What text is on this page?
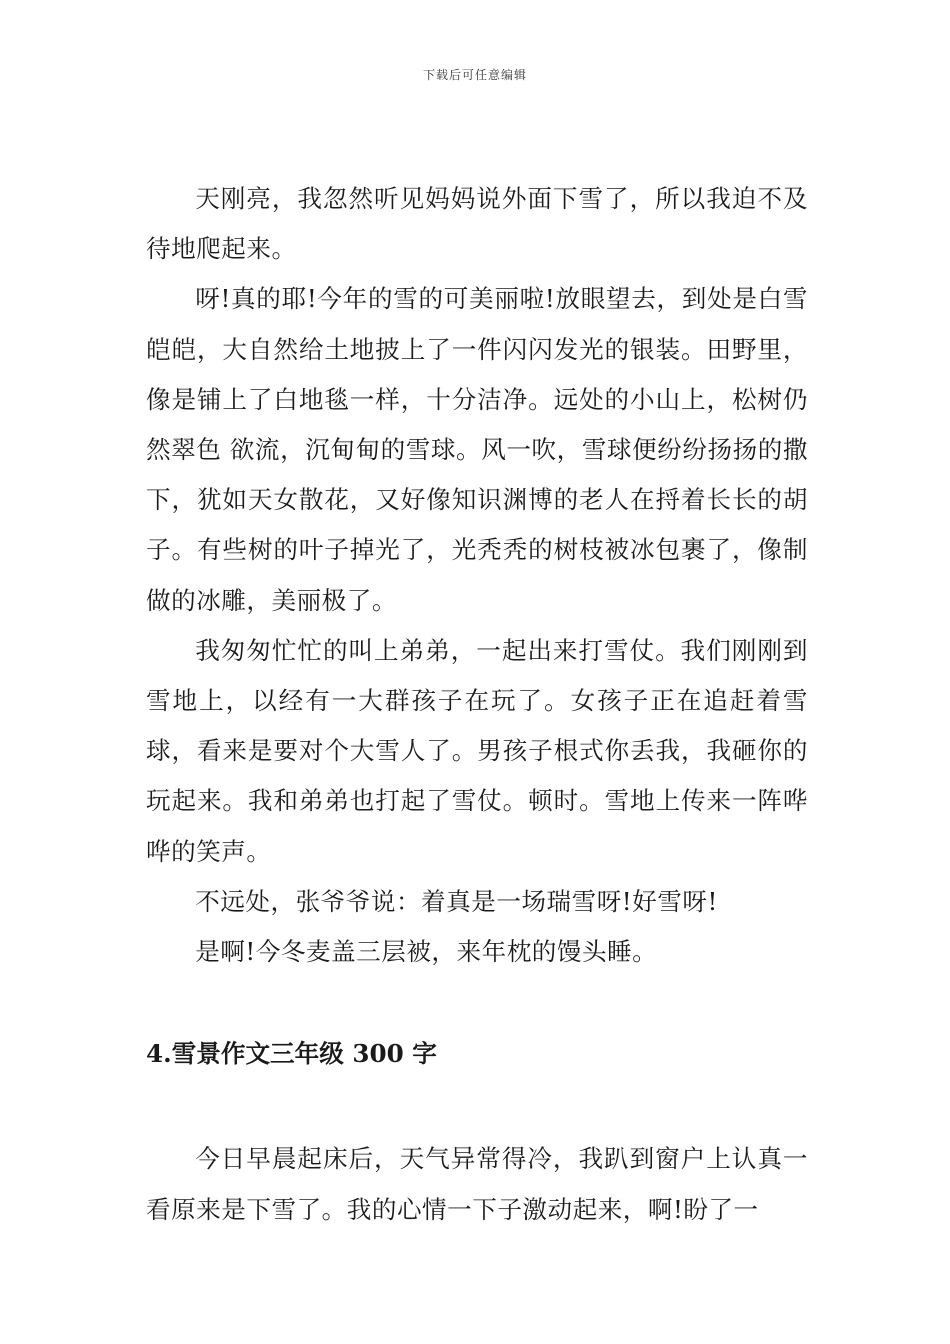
下载后可任意编辑

天刚亮，我忽然听见妈妈说外面下雪了，所以我迫不及待地爬起来。

呀!真的耶!今年的雪的可美丽啦!放眼望去，到处是白雪皑皑，大自然给土地披上了一件闪闪发光的银装。田野里，像是铺上了白地毯一样，十分洁净。远处的小山上，松树仍然翠色 欲流，沉甸甸的雪球。风一吹，雪球便纷纷扬扬的撒下，犹如天女散花，又好像知识渊博的老人在捋着长长的胡子。有些树的叶子掉光了，光秃秃的树枝被冰包裹了，像制做的冰雕，美丽极了。

我匆匆忙忙的叫上弟弟，一起出来打雪仗。我们刚刚到雪地上，以经有一大群孩子在玩了。女孩子正在追赶着雪球，看来是要对个大雪人了。男孩子根式你丢我，我砸你的玩起来。我和弟弟也打起了雪仗。顿时。雪地上传来一阵哗哗的笑声。

不远处，张爷爷说：着真是一场瑞雪呀!好雪呀!

是啊!今冬麦盖三层被，来年枕的馒头睡。

4.雪景作文三年级 300 字

今日早晨起床后，天气异常得冷，我趴到窗户上认真一看原来是下雪了。我的心情一下子激动起来，啊!盼了一
